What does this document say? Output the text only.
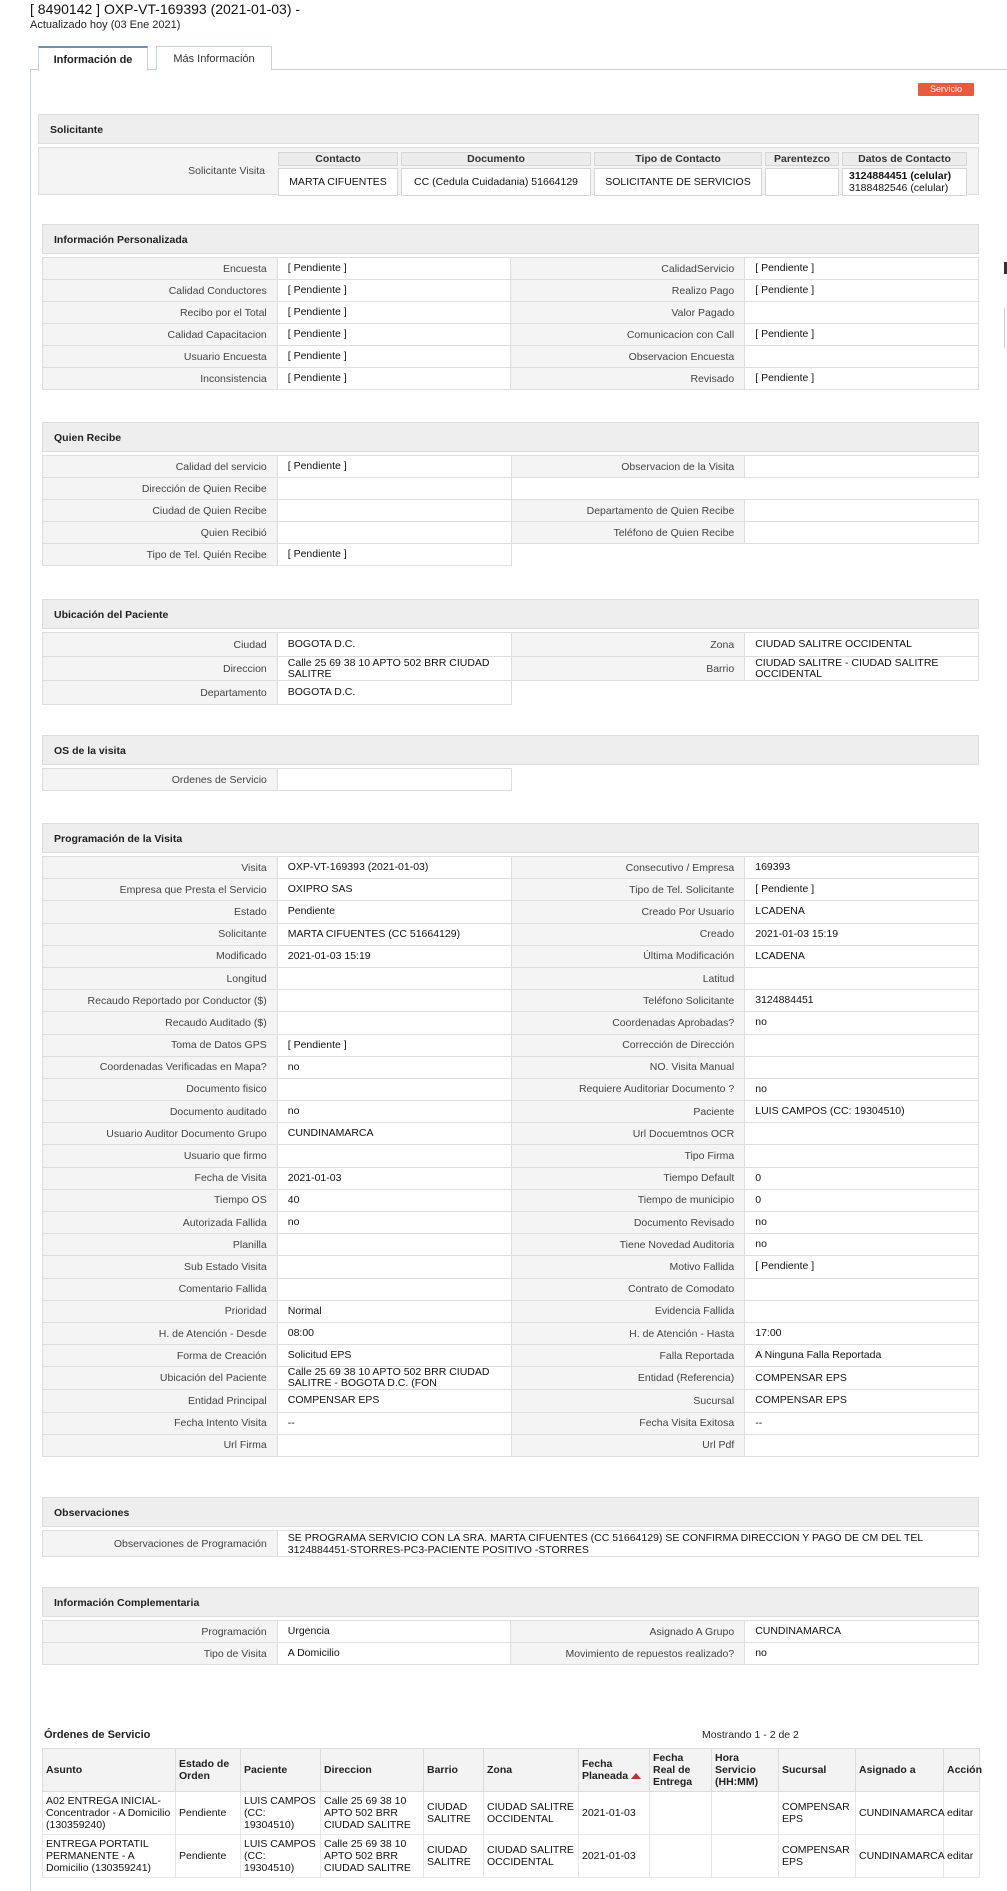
[ 8490142 ] OXP-VT-169393 (2021-01-03) -
Actualizado hoy (03 Ene 2021)
Información de	Más Información
Servicio
Solicitante
Solicitante Visita
Contacto	Documento	Tipo de Contacto	Parentezco	Datos de Contacto
MARTA CIFUENTES	CC (Cedula Cuidadania) 51664129	SOLICITANTE DE SERVICIOS		3124884451 (celular)
3188482546 (celular)
Información Personalizada
Encuesta	[ Pendiente ]	CalidadServicio	[ Pendiente ]
Calidad Conductores	[ Pendiente ]	Realizo Pago	[ Pendiente ]
Recibo por el Total	[ Pendiente ]	Valor Pagado	
Calidad Capacitacion	[ Pendiente ]	Comunicacion con Call	[ Pendiente ]
Usuario Encuesta	[ Pendiente ]	Observacion Encuesta	
Inconsistencia	[ Pendiente ]	Revisado	[ Pendiente ]
Quien Recibe
Calidad del servicio	[ Pendiente ]	Observacion de la Visita	
Dirección de Quien Recibe			
Ciudad de Quien Recibe		Departamento de Quien Recibe	
Quien Recibió		Teléfono de Quien Recibe	
Tipo de Tel. Quién Recibe	[ Pendiente ]		
Ubicación del Paciente
Ciudad	BOGOTA D.C.	Zona	CIUDAD SALITRE OCCIDENTAL
Direccion	Calle 25 69 38 10 APTO 502 BRR CIUDAD SALITRE	Barrio	CIUDAD SALITRE - CIUDAD SALITRE OCCIDENTAL
Departamento	BOGOTA D.C.		
OS de la visita
Ordenes de Servicio			
Programación de la Visita
Visita	OXP-VT-169393 (2021-01-03)	Consecutivo / Empresa	169393
Empresa que Presta el Servicio	OXIPRO SAS	Tipo de Tel. Solicitante	[ Pendiente ]
Estado	Pendiente	Creado Por Usuario	LCADENA
Solicitante	MARTA CIFUENTES (CC 51664129)	Creado	2021-01-03 15:19
Modificado	2021-01-03 15:19	Última Modificación	LCADENA
Longitud		Latitud	
Recaudo Reportado por Conductor ($)		Teléfono Solicitante	3124884451
Recaudo Auditado ($)		Coordenadas Aprobadas?	no
Toma de Datos GPS	[ Pendiente ]	Corrección de Dirección	
Coordenadas Verificadas en Mapa?	no	NO. Visita Manual	
Documento fisico		Requiere Auditoriar Documento ?	no
Documento auditado	no	Paciente	LUIS CAMPOS (CC: 19304510)
Usuario Auditor Documento Grupo	CUNDINAMARCA	Url Docuemtnos OCR	
Usuario que firmo		Tipo Firma	
Fecha de Visita	2021-01-03	Tiempo Default	0
Tiempo OS	40	Tiempo de municipio	0
Autorizada Fallida	no	Documento Revisado	no
Planilla		Tiene Novedad Auditoria	no
Sub Estado Visita		Motivo Fallida	[ Pendiente ]
Comentario Fallida		Contrato de Comodato	
Prioridad	Normal	Evidencia Fallida	
H. de Atención - Desde	08:00	H. de Atención - Hasta	17:00
Forma de Creación	Solicitud EPS	Falla Reportada	A Ninguna Falla Reportada
Ubicación del Paciente	Calle 25 69 38 10 APTO 502 BRR CIUDAD SALITRE - BOGOTA D.C. (FON	Entidad (Referencia)	COMPENSAR EPS
Entidad Principal	COMPENSAR EPS	Sucursal	COMPENSAR EPS
Fecha Intento Visita	--	Fecha Visita Exitosa	--
Url Firma		Url Pdf	
Observaciones
Observaciones de Programación	SE PROGRAMA SERVICIO CON LA SRA. MARTA CIFUENTES (CC 51664129) SE CONFIRMA DIRECCION Y PAGO DE CM DEL TEL 3124884451-STORRES-PC3-PACIENTE POSITIVO -STORRES
Información Complementaria
Programación	Urgencia	Asignado A Grupo	CUNDINAMARCA
Tipo de Visita	A Domicilio	Movimiento de repuestos realizado?	no
Órdenes de Servicio	Mostrando 1 - 2 de 2
Asunto	Estado de Orden	Paciente	Direccion	Barrio	Zona	Fecha Planeada	Fecha Real de Entrega	Hora Servicio (HH:MM)	Sucursal	Asignado a	Acción
A02 ENTREGA INICIAL-Concentrador - A Domicilio (130359240)	Pendiente	LUIS CAMPOS (CC: 19304510)	Calle 25 69 38 10 APTO 502 BRR CIUDAD SALITRE	CIUDAD SALITRE	CIUDAD SALITRE OCCIDENTAL	2021-01-03			COMPENSAR EPS	CUNDINAMARCA	editar
ENTREGA PORTATIL PERMANENTE - A Domicilio (130359241)	Pendiente	LUIS CAMPOS (CC: 19304510)	Calle 25 69 38 10 APTO 502 BRR CIUDAD SALITRE	CIUDAD SALITRE	CIUDAD SALITRE OCCIDENTAL	2021-01-03			COMPENSAR EPS	CUNDINAMARCA	editar
